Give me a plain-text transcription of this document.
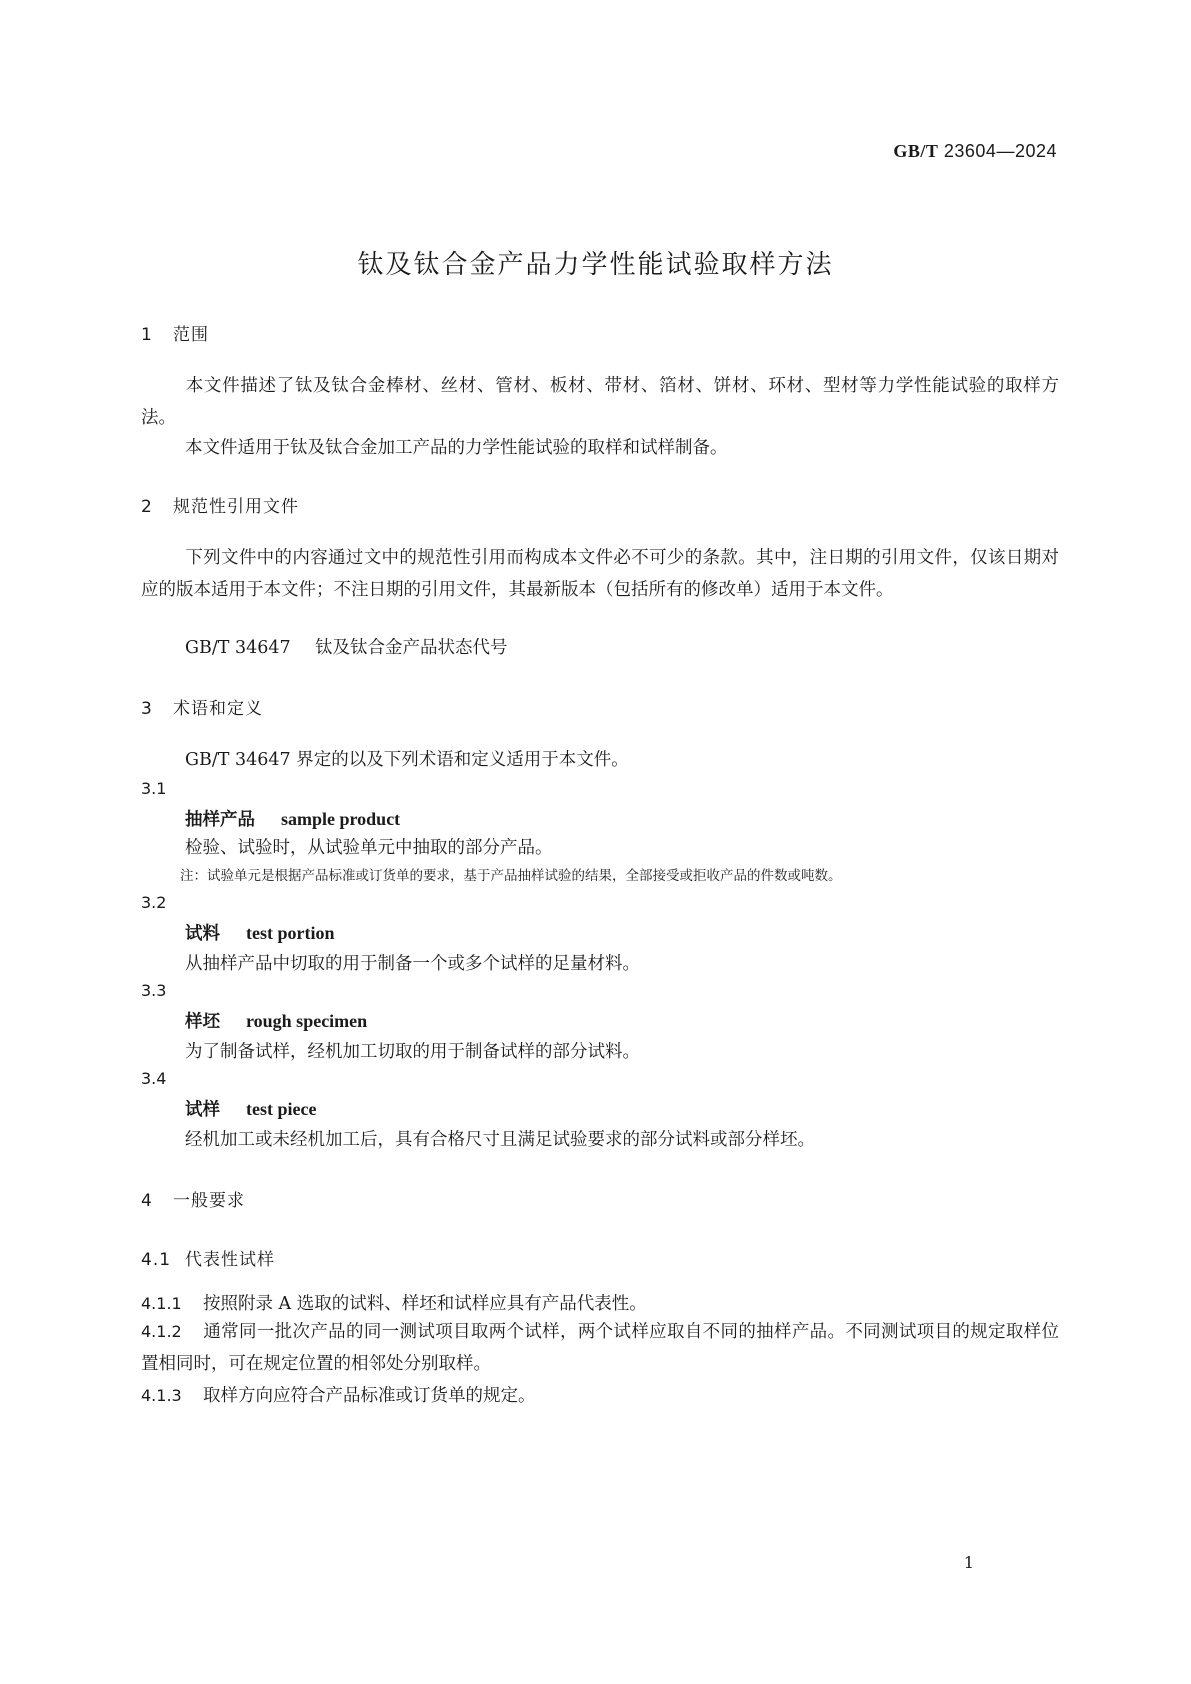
GB/T 23604—2024
钛及钛合金产品力学性能试验取样方法
1 范围
本文件描述了钛及钛合金棒材、丝材、管材、板材、带材、箔材、饼材、环材、型材等力学性能试验的取样方法。
本文件适用于钛及钛合金加工产品的力学性能试验的取样和试样制备。
2 规范性引用文件
下列文件中的内容通过文中的规范性引用而构成本文件必不可少的条款。其中，注日期的引用文件，仅该日期对应的版本适用于本文件；不注日期的引用文件，其最新版本（包括所有的修改单）适用于本文件。
GB/T 34647 钛及钛合金产品状态代号
3 术语和定义
GB/T 34647 界定的以及下列术语和定义适用于本文件。
3.1
抽样产品 sample product
检验、试验时，从试验单元中抽取的部分产品。
注：试验单元是根据产品标准或订货单的要求，基于产品抽样试验的结果，全部接受或拒收产品的件数或吨数。
3.2
试料 test portion
从抽样产品中切取的用于制备一个或多个试样的足量材料。
3.3
样坯 rough specimen
为了制备试样，经机加工切取的用于制备试样的部分试料。
3.4
试样 test piece
经机加工或未经机加工后，具有合格尺寸且满足试验要求的部分试料或部分样坯。
4 一般要求
4.1 代表性试样
4.1.1 按照附录 A 选取的试料、样坯和试样应具有产品代表性。
4.1.2 通常同一批次产品的同一测试项目取两个试样，两个试样应取自不同的抽样产品。不同测试项目的规定取样位置相同时，可在规定位置的相邻处分别取样。
4.1.3 取样方向应符合产品标准或订货单的规定。
1
